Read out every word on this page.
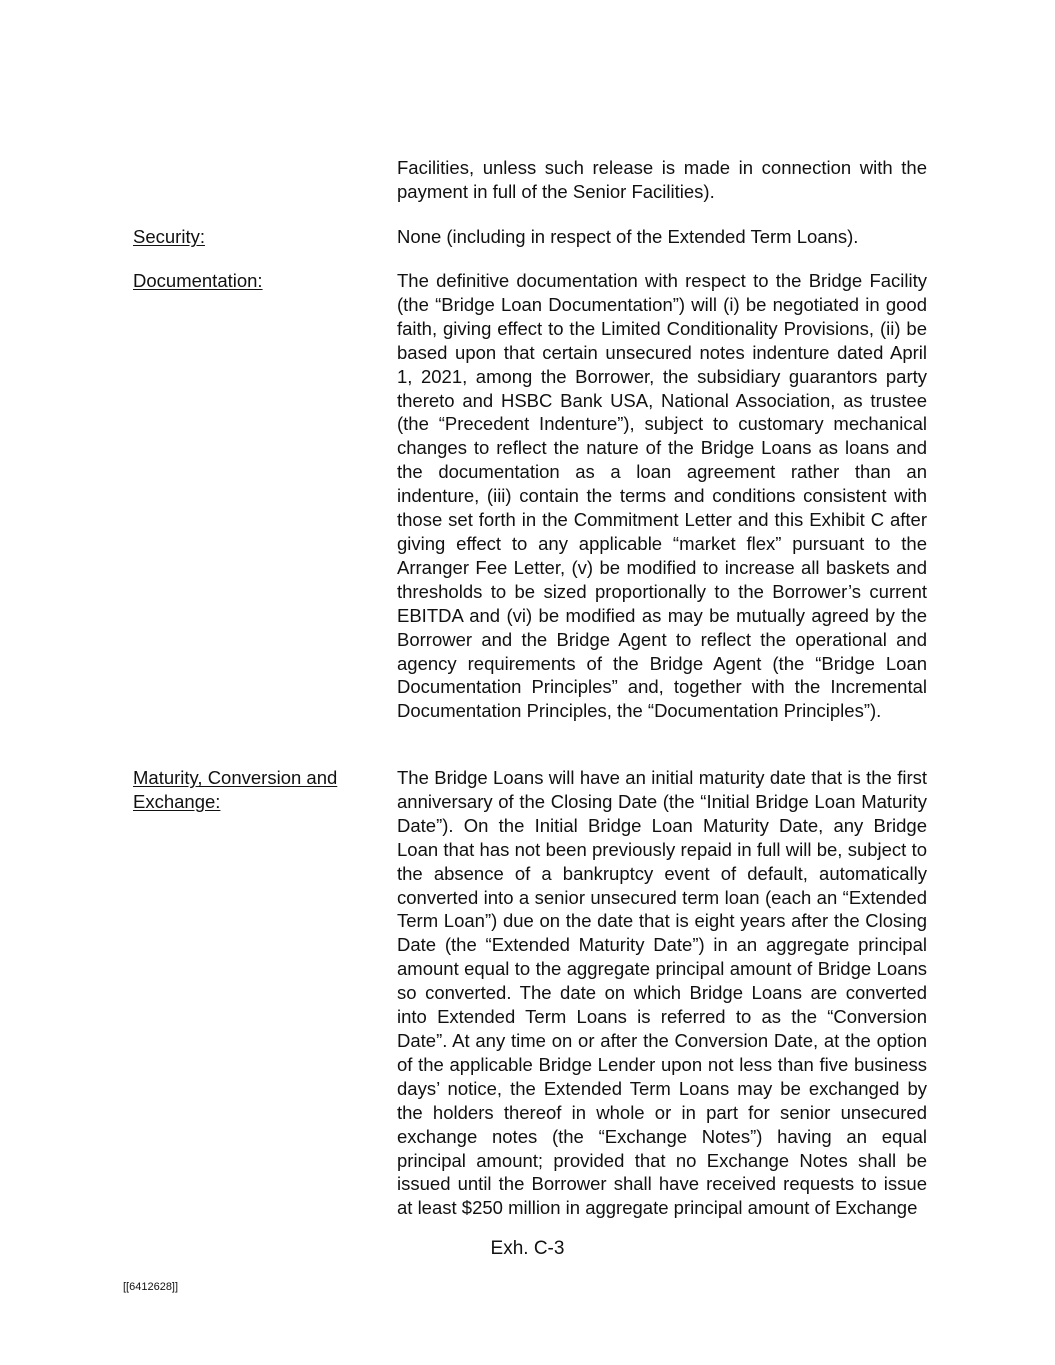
Facilities, unless such release is made in connection with the payment in full of the Senior Facilities).
Security:	None (including in respect of the Extended Term Loans).
Documentation:	The definitive documentation with respect to the Bridge Facility (the “Bridge Loan Documentation”) will (i) be negotiated in good faith, giving effect to the Limited Conditionality Provisions, (ii) be based upon that certain unsecured notes indenture dated April 1, 2021, among the Borrower, the subsidiary guarantors party thereto and HSBC Bank USA, National Association, as trustee (the “Precedent Indenture”), subject to customary mechanical changes to reflect the nature of the Bridge Loans as loans and the documentation as a loan agreement rather than an indenture, (iii) contain the terms and conditions consistent with those set forth in the Commitment Letter and this Exhibit C after giving effect to any applicable “market flex” pursuant to the Arranger Fee Letter, (v) be modified to increase all baskets and thresholds to be sized proportionally to the Borrower’s current EBITDA and (vi) be modified as may be mutually agreed by the Borrower and the Bridge Agent to reflect the operational and agency requirements of the Bridge Agent (the “Bridge Loan Documentation Principles” and, together with the Incremental Documentation Principles, the “Documentation Principles”).
Maturity, Conversion and Exchange:
The Bridge Loans will have an initial maturity date that is the first anniversary of the Closing Date (the “Initial Bridge Loan Maturity Date”). On the Initial Bridge Loan Maturity Date, any Bridge Loan that has not been previously repaid in full will be, subject to the absence of a bankruptcy event of default, automatically converted into a senior unsecured term loan (each an “Extended Term Loan”) due on the date that is eight years after the Closing Date (the “Extended Maturity Date”) in an aggregate principal amount equal to the aggregate principal amount of Bridge Loans so converted. The date on which Bridge Loans are converted into Extended Term Loans is referred to as the “Conversion Date”. At any time on or after the Conversion Date, at the option of the applicable Bridge Lender upon not less than five business days’ notice, the Extended Term Loans may be exchanged by the holders thereof in whole or in part for senior unsecured exchange notes (the “Exchange Notes”) having an equal principal amount; provided that no Exchange Notes shall be issued until the Borrower shall have received requests to issue at least $250 million in aggregate principal amount of Exchange
Exh. C-3
[[6412628]]
